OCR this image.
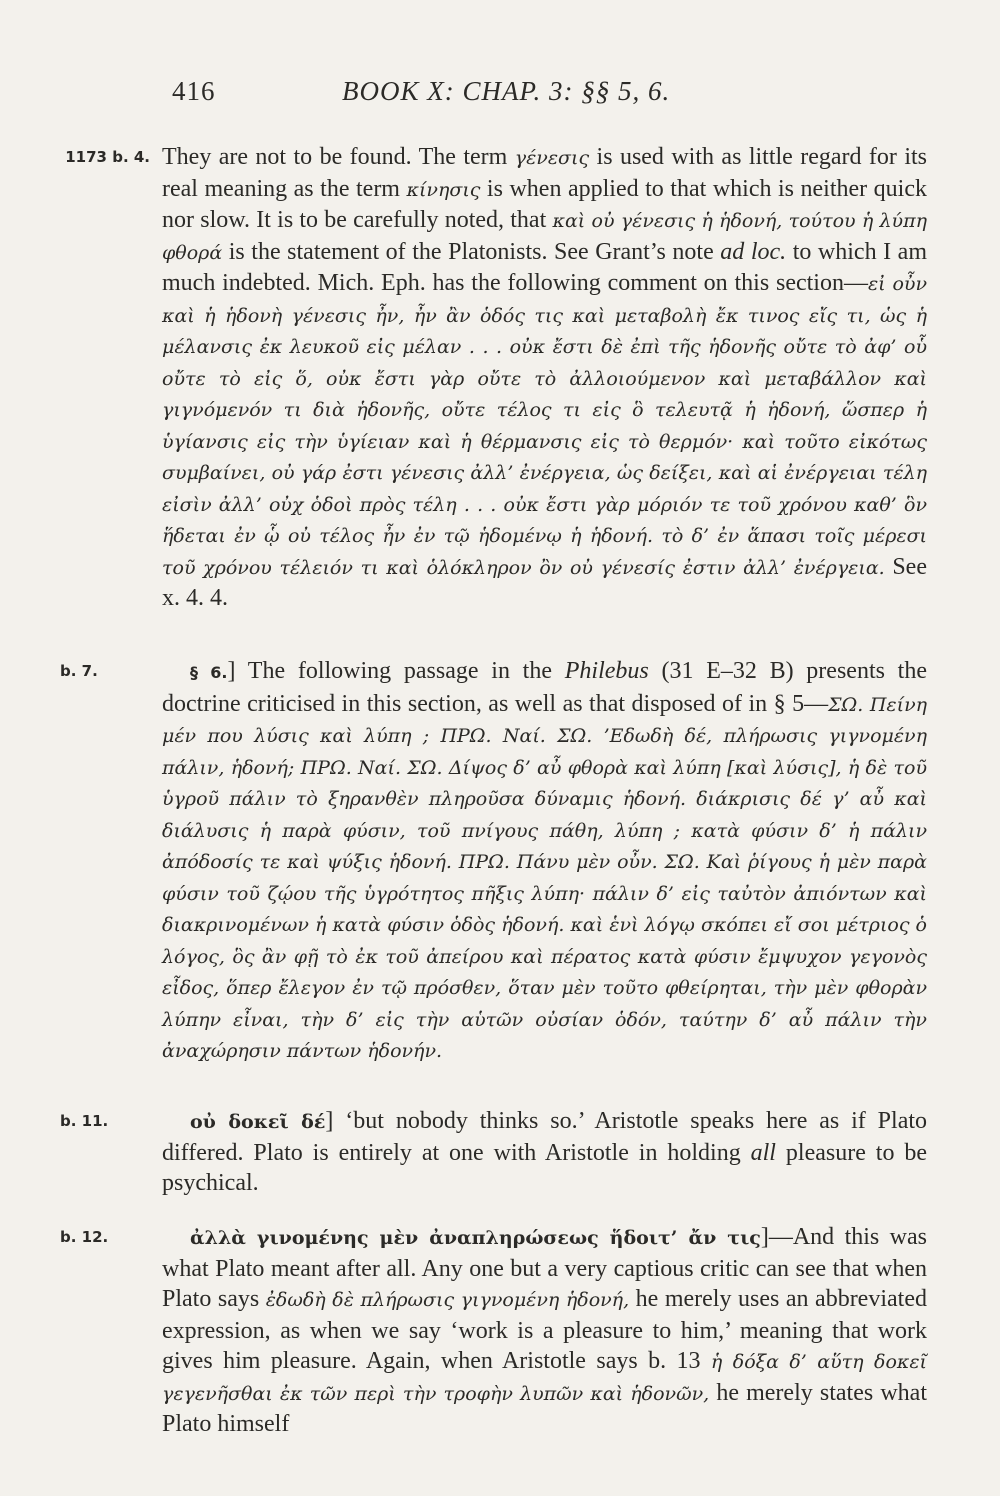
416	BOOK X: CHAP. 3: §§ 5, 6.
1173 b. 4. They are not to be found. The term γένεσις is used with as little regard for its real meaning as the term κίνησις is when applied to that which is neither quick nor slow. It is to be carefully noted, that καὶ οὐ γένεσις ἡ ἡδονή, τούτου ἡ λύπη φθορά is the statement of the Platonists. See Grant’s note ad loc. to which I am much indebted. Mich. Eph. has the following comment on this section—εἰ οὖν καὶ ἡ ἡδονὴ γένεσις ἦν, ἦν ἂν ὁδός τις καὶ μεταβολὴ ἔκ τινος εἴς τι, ὡς ἡ μέλανσις ἐκ λευκοῦ εἰς μέλαν . . . οὐκ ἔστι δὲ ἐπὶ τῆς ἡδονῆς οὔτε τὸ ἀφ’ οὗ οὔτε τὸ εἰς ὅ, οὐκ ἔστι γὰρ οὔτε τὸ ἀλλοιούμενον καὶ μεταβάλλον καὶ γιγνόμενόν τι διὰ ἡδονῆς, οὔτε τέλος τι εἰς ὃ τελευτᾷ ἡ ἡδονή, ὥσπερ ἡ ὑγίανσις εἰς τὴν ὑγίειαν καὶ ἡ θέρμανσις εἰς τὸ θερμόν· καὶ τοῦτο εἰκότως συμβαίνει, οὐ γάρ ἐστι γένεσις ἀλλ’ ἐνέργεια, ὡς δείξει, καὶ αἱ ἐνέργειαι τέλη εἰσὶν ἀλλ’ οὐχ ὁδοὶ πρὸς τέλη . . . οὐκ ἔστι γὰρ μόριόν τε τοῦ χρόνου καθ’ ὃν ἥδεται ἐν ᾧ οὐ τέλος ἦν ἐν τῷ ἡδομένῳ ἡ ἡδονή. τὸ δ’ ἐν ἅπασι τοῖς μέρεσι τοῦ χρόνου τέλειόν τι καὶ ὁλόκληρον ὂν οὐ γένεσίς ἐστιν ἀλλ’ ἐνέργεια. See x. 4. 4.

b. 7.	§ 6.] The following passage in the Philebus (31 E–32 B) presents the doctrine criticised in this section, as well as that disposed of in § 5—ΣΩ. Πείνη μέν που λύσις καὶ λύπη ; ΠΡΩ. Ναί. ΣΩ. ’Εδωδὴ δέ, πλήρωσις γιγνομένη πάλιν, ἡδονή; ΠΡΩ. Ναί. ΣΩ. Δίψος δ’ αὖ φθορὰ καὶ λύπη [καὶ λύσις], ἡ δὲ τοῦ ὑγροῦ πάλιν τὸ ξηρανθὲν πληροῦσα δύναμις ἡδονή. διάκρισις δέ γ’ αὖ καὶ διάλυσις ἡ παρὰ φύσιν, τοῦ πνίγους πάθη, λύπη ; κατὰ φύσιν δ’ ἡ πάλιν ἀπόδοσίς τε καὶ ψύξις ἡδονή. ΠΡΩ. Πάνυ μὲν οὖν. ΣΩ. Καὶ ῥίγους ἡ μὲν παρὰ φύσιν τοῦ ζῴου τῆς ὑγρότητος πῆξις λύπη· πάλιν δ’ εἰς ταὐτὸν ἀπιόντων καὶ διακρινομένων ἡ κατὰ φύσιν ὁδὸς ἡδονή. καὶ ἑνὶ λόγῳ σκόπει εἴ σοι μέτριος ὁ λόγος, ὃς ἂν φῇ τὸ ἐκ τοῦ ἀπείρου καὶ πέρατος κατὰ φύσιν ἔμψυχον γεγονὸς εἶδος, ὅπερ ἔλεγον ἐν τῷ πρόσθεν, ὅταν μὲν τοῦτο φθείρηται, τὴν μὲν φθορὰν λύπην εἶναι, τὴν δ’ εἰς τὴν αὑτῶν οὐσίαν ὁδόν, ταύτην δ’ αὖ πάλιν τὴν ἀναχώρησιν πάντων ἡδονήν.

b. 11.	οὐ δοκεῖ δέ] ‘but nobody thinks so.’ Aristotle speaks here as if Plato differed. Plato is entirely at one with Aristotle in holding all pleasure to be psychical.

b. 12.	ἀλλὰ γινομένης μὲν ἀναπληρώσεως ἥδοιτ’ ἄν τις]—And this was what Plato meant after all. Any one but a very captious critic can see that when Plato says ἐδωδὴ δὲ πλήρωσις γιγνομένη ἡδονή, he merely uses an abbreviated expression, as when we say ‘work is a pleasure to him,’ meaning that work gives him pleasure. Again, when Aristotle says b. 13 ἡ δόξα δ’ αὕτη δοκεῖ γεγενῆσθαι ἐκ τῶν περὶ τὴν τροφὴν λυπῶν καὶ ἡδονῶν, he merely states what Plato himself
